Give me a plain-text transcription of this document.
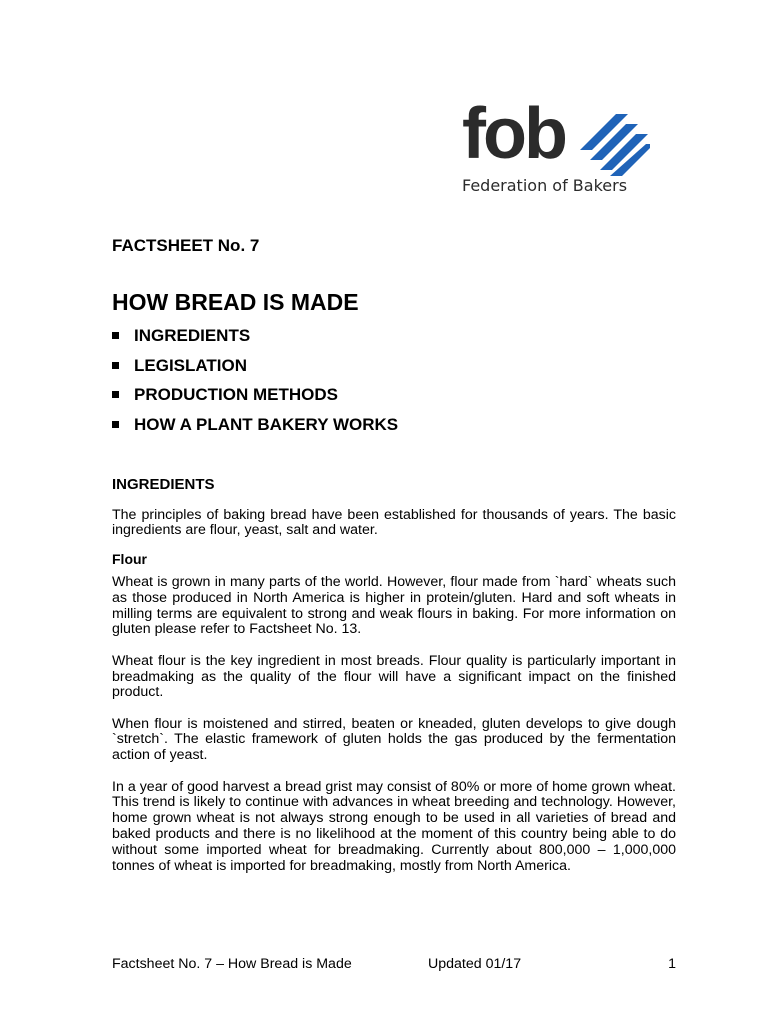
fob
Federation of Bakers
FACTSHEET No. 7
HOW BREAD IS MADE
INGREDIENTS
LEGISLATION
PRODUCTION METHODS
HOW A PLANT BAKERY WORKS
INGREDIENTS

The principles of baking bread have been established for thousands of years. The basic ingredients are flour, yeast, salt and water.

Flour

Wheat is grown in many parts of the world. However, flour made from `hard` wheats such as those produced in North America is higher in protein/gluten. Hard and soft wheats in milling terms are equivalent to strong and weak flours in baking. For more information on gluten please refer to Factsheet No. 13.

Wheat flour is the key ingredient in most breads. Flour quality is particularly important in breadmaking as the quality of the flour will have a significant impact on the finished product.

When flour is moistened and stirred, beaten or kneaded, gluten develops to give dough `stretch`. The elastic framework of gluten holds the gas produced by the fermentation action of yeast.

In a year of good harvest a bread grist may consist of 80% or more of home grown wheat. This trend is likely to continue with advances in wheat breeding and technology. However, home grown wheat is not always strong enough to be used in all varieties of bread and baked products and there is no likelihood at the moment of this country being able to do without some imported wheat for breadmaking. Currently about 800,000 – 1,000,000 tonnes of wheat is imported for breadmaking, mostly from North America.

Factsheet No. 7 – How Bread is Made	Updated 01/17	1
